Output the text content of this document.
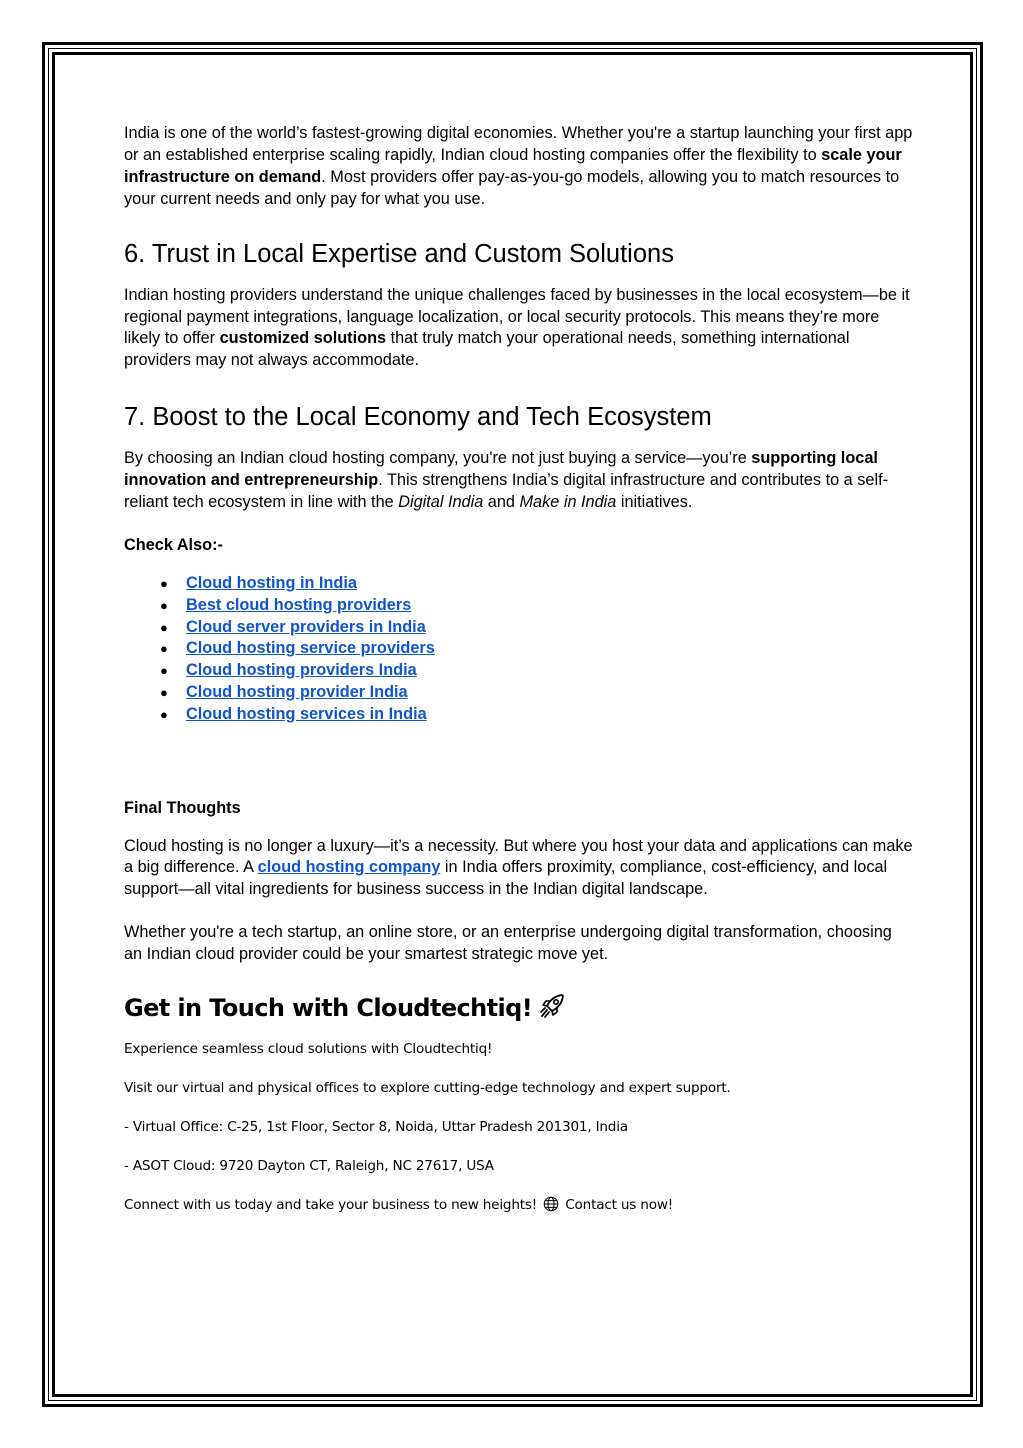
India is one of the world’s fastest-growing digital economies. Whether you're a startup launching your first app or an established enterprise scaling rapidly, Indian cloud hosting companies offer the flexibility to scale your infrastructure on demand. Most providers offer pay-as-you-go models, allowing you to match resources to your current needs and only pay for what you use.

6. Trust in Local Expertise and Custom Solutions

Indian hosting providers understand the unique challenges faced by businesses in the local ecosystem—be it regional payment integrations, language localization, or local security protocols. This means they’re more likely to offer customized solutions that truly match your operational needs, something international providers may not always accommodate.

7. Boost to the Local Economy and Tech Ecosystem

By choosing an Indian cloud hosting company, you're not just buying a service—you’re supporting local innovation and entrepreneurship. This strengthens India’s digital infrastructure and contributes to a self-reliant tech ecosystem in line with the Digital India and Make in India initiatives.

Check Also:-

● Cloud hosting in India
● Best cloud hosting providers
● Cloud server providers in India
● Cloud hosting service providers
● Cloud hosting providers India
● Cloud hosting provider India
● Cloud hosting services in India

Final Thoughts

Cloud hosting is no longer a luxury—it’s a necessity. But where you host your data and applications can make a big difference. A cloud hosting company in India offers proximity, compliance, cost-efficiency, and local support—all vital ingredients for business success in the Indian digital landscape.

Whether you're a tech startup, an online store, or an enterprise undergoing digital transformation, choosing an Indian cloud provider could be your smartest strategic move yet.

Get in Touch with Cloudtechtiq!

Experience seamless cloud solutions with Cloudtechtiq!

Visit our virtual and physical offices to explore cutting-edge technology and expert support.

- Virtual Office: C-25, 1st Floor, Sector 8, Noida, Uttar Pradesh 201301, India

- ASOT Cloud: 9720 Dayton CT, Raleigh, NC 27617, USA

Connect with us today and take your business to new heights! Contact us now!
